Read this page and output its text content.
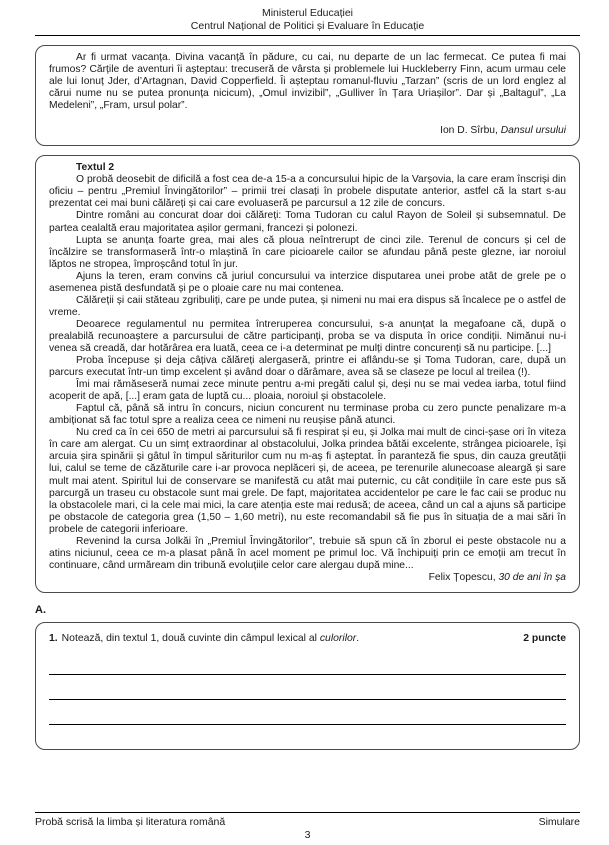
Ministerul Educației
Centrul Național de Politici și Evaluare în Educație

Ar fi urmat vacanța. Divina vacanță în pădure, cu cai, nu departe de un lac fermecat. Ce putea fi mai frumos? Cărțile de aventuri îi așteptau: trecuseră de vârsta și problemele lui Huckleberry Finn, acum urmau cele ale lui Ionuț Jder, d’Artagnan, David Copperfield. Îi așteptau romanul-fluviu „Tarzan” (scris de un lord englez al cărui nume nu se putea pronunța nicicum), „Omul invizibil”, „Gulliver în Țara Uriașilor”. Dar și „Baltagul”, „La Medeleni”, „Fram, ursul polar”.

Ion D. Sîrbu, Dansul ursului

Textul 2

O probă deosebit de dificilă a fost cea de-a 15-a a concursului hipic de la Varșovia, la care eram înscriși din oficiu – pentru „Premiul Învingătorilor” – primii trei clasați în probele disputate anterior, astfel că la start s-au prezentat cei mai buni călăreți și cai care evoluaseră pe parcursul a 12 zile de concurs.

Dintre români au concurat doar doi călăreți: Toma Tudoran cu calul Rayon de Soleil și subsemnatul. De partea cealaltă erau majoritatea așilor germani, francezi și polonezi.

Lupta se anunța foarte grea, mai ales că ploua neîntrerupt de cinci zile. Terenul de concurs și cel de încălzire se transformaseră într-o mlaștină în care picioarele cailor se afundau până peste glezne, iar noroiul lăptos ne stropea, împroșcând totul în jur.

Ajuns la teren, eram convins că juriul concursului va interzice disputarea unei probe atât de grele pe o asemenea pistă desfundată și pe o ploaie care nu mai contenea.

Călăreții și caii stăteau zgribuliți, care pe unde putea, și nimeni nu mai era dispus să încalece pe o astfel de vreme.

Deoarece regulamentul nu permitea întreruperea concursului, s-a anunțat la megafoane că, după o prealabilă recunoaștere a parcursului de către participanți, proba se va disputa în orice condiții. Nimănui nu-i venea să creadă, dar hotărârea era luată, ceea ce i-a determinat pe mulți dintre concurenți să nu participe. [...]

Proba începuse și deja câțiva călăreți alergaseră, printre ei aflându-se și Toma Tudoran, care, după un parcurs executat într-un timp excelent și având doar o dărâmare, avea să se claseze pe locul al treilea (!).

Îmi mai rămăseseră numai zece minute pentru a-mi pregăti calul și, deși nu se mai vedea iarba, totul fiind acoperit de apă, [...] eram gata de luptă cu... ploaia, noroiul și obstacolele.

Faptul că, până să intru în concurs, niciun concurent nu terminase proba cu zero puncte penalizare m-a ambiționat să fac totul spre a realiza ceea ce nimeni nu reușise până atunci.

Nu cred ca în cei 650 de metri ai parcursului să fi respirat și eu, și Jolka mai mult de cinci-șase ori în viteza în care am alergat. Cu un simț extraordinar al obstacolului, Jolka prindea bătăi excelente, strângea picioarele, își arcuia șira spinării și gâtul în timpul săriturilor cum nu m-aș fi așteptat. În paranteză fie spus, din cauza greutății lui, calul se teme de căzăturile care i-ar provoca neplăceri și, de aceea, pe terenurile alunecoase aleargă și sare mult mai atent. Spiritul lui de conservare se manifestă cu atât mai puternic, cu cât condițiile în care este pus să parcurgă un traseu cu obstacole sunt mai grele. De fapt, majoritatea accidentelor pe care le fac caii se produc nu la obstacolele mari, ci la cele mai mici, la care atenția este mai redusă; de aceea, când un cal a ajuns să participe pe obstacole de categoria grea (1,50 – 1,60 metri), nu este recomandabil să fie pus în situația de a mai sări în probele de categorii inferioare.

Revenind la cursa Jolkăi în „Premiul Învingătorilor”, trebuie să spun că în zborul ei peste obstacole nu a atins niciunul, ceea ce m-a plasat până în acel moment pe primul loc. Vă închipuiți prin ce emoții am trecut în continuare, când urmăream din tribună evoluțiile celor care alergau după mine...

Felix Țopescu, 30 de ani în șa
A.
1. Notează, din textul 1, două cuvinte din câmpul lexical al culorilor.	2 puncte
Probă scrisă la limba și literatura română	Simulare
3
